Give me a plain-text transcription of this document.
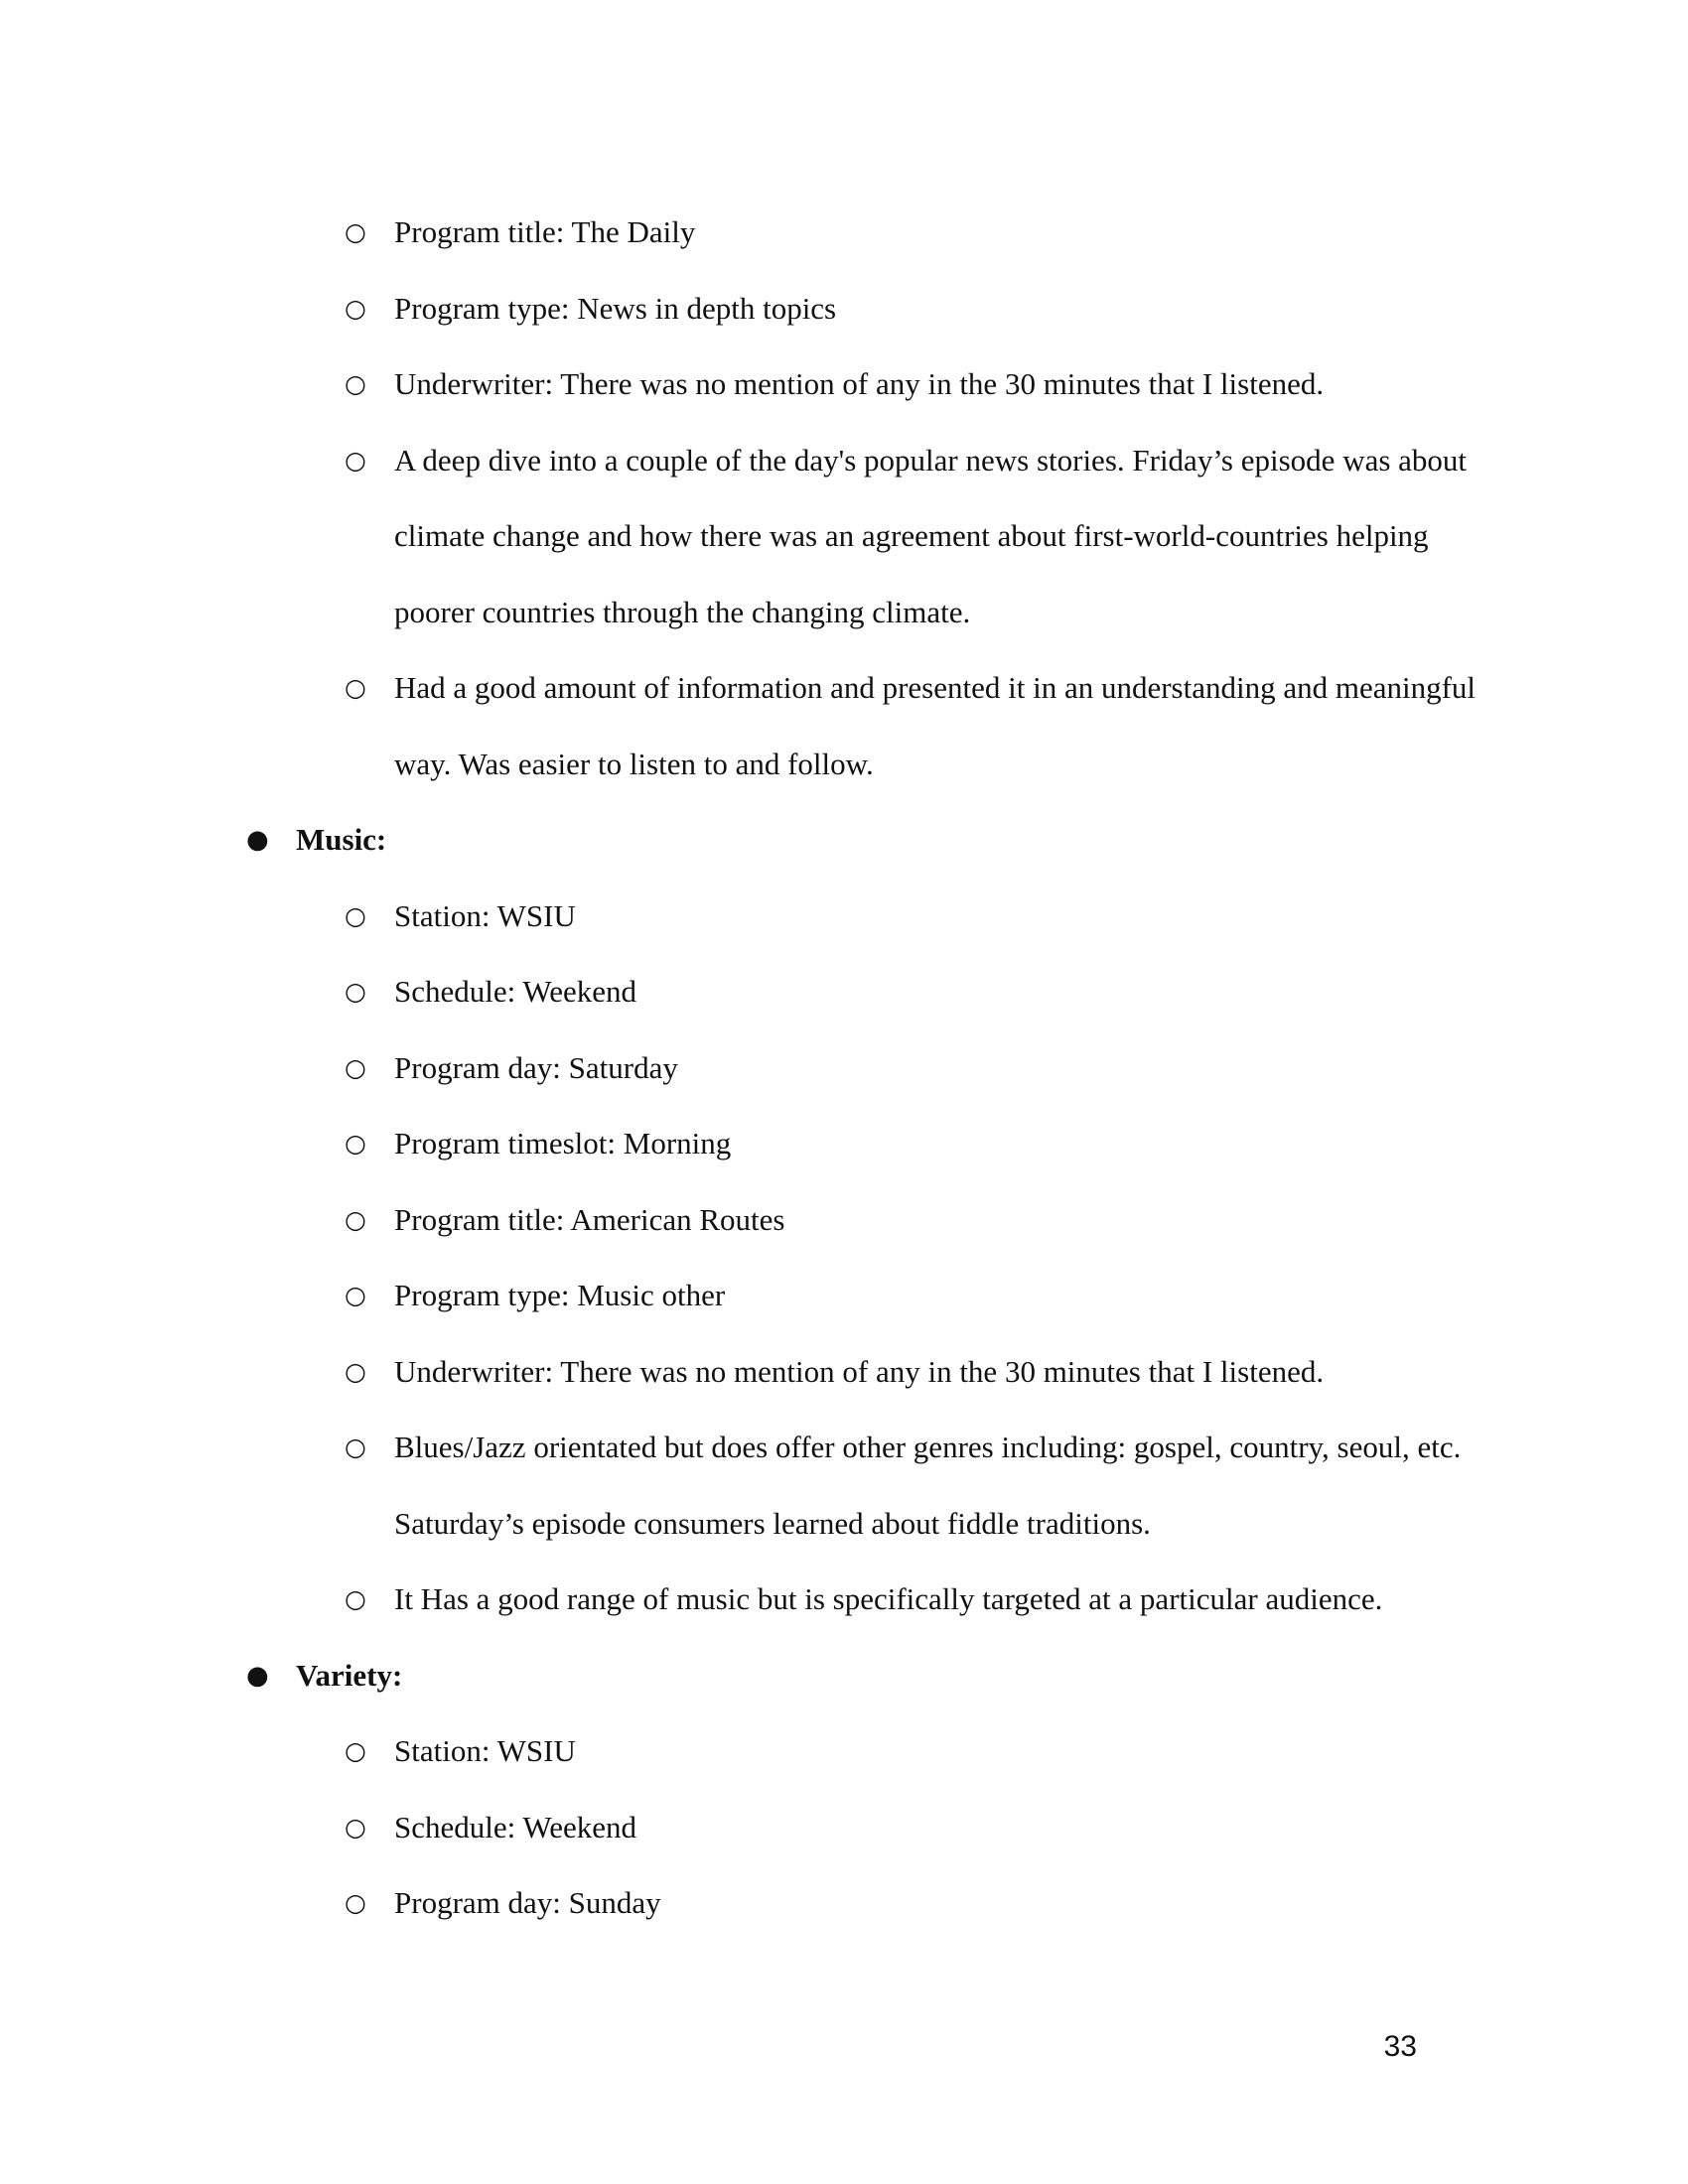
○ Program title: The Daily
○ Program type: News in depth topics
○ Underwriter: There was no mention of any in the 30 minutes that I listened.
○ A deep dive into a couple of the day's popular news stories. Friday’s episode was about climate change and how there was an agreement about first-world-countries helping poorer countries through the changing climate.
○ Had a good amount of information and presented it in an understanding and meaningful way. Was easier to listen to and follow.
● Music:
○ Station: WSIU
○ Schedule: Weekend
○ Program day: Saturday
○ Program timeslot: Morning
○ Program title: American Routes
○ Program type: Music other
○ Underwriter: There was no mention of any in the 30 minutes that I listened.
○ Blues/Jazz orientated but does offer other genres including: gospel, country, seoul, etc. Saturday’s episode consumers learned about fiddle traditions.
○ It Has a good range of music but is specifically targeted at a particular audience.
● Variety:
○ Station: WSIU
○ Schedule: Weekend
○ Program day: Sunday
33
